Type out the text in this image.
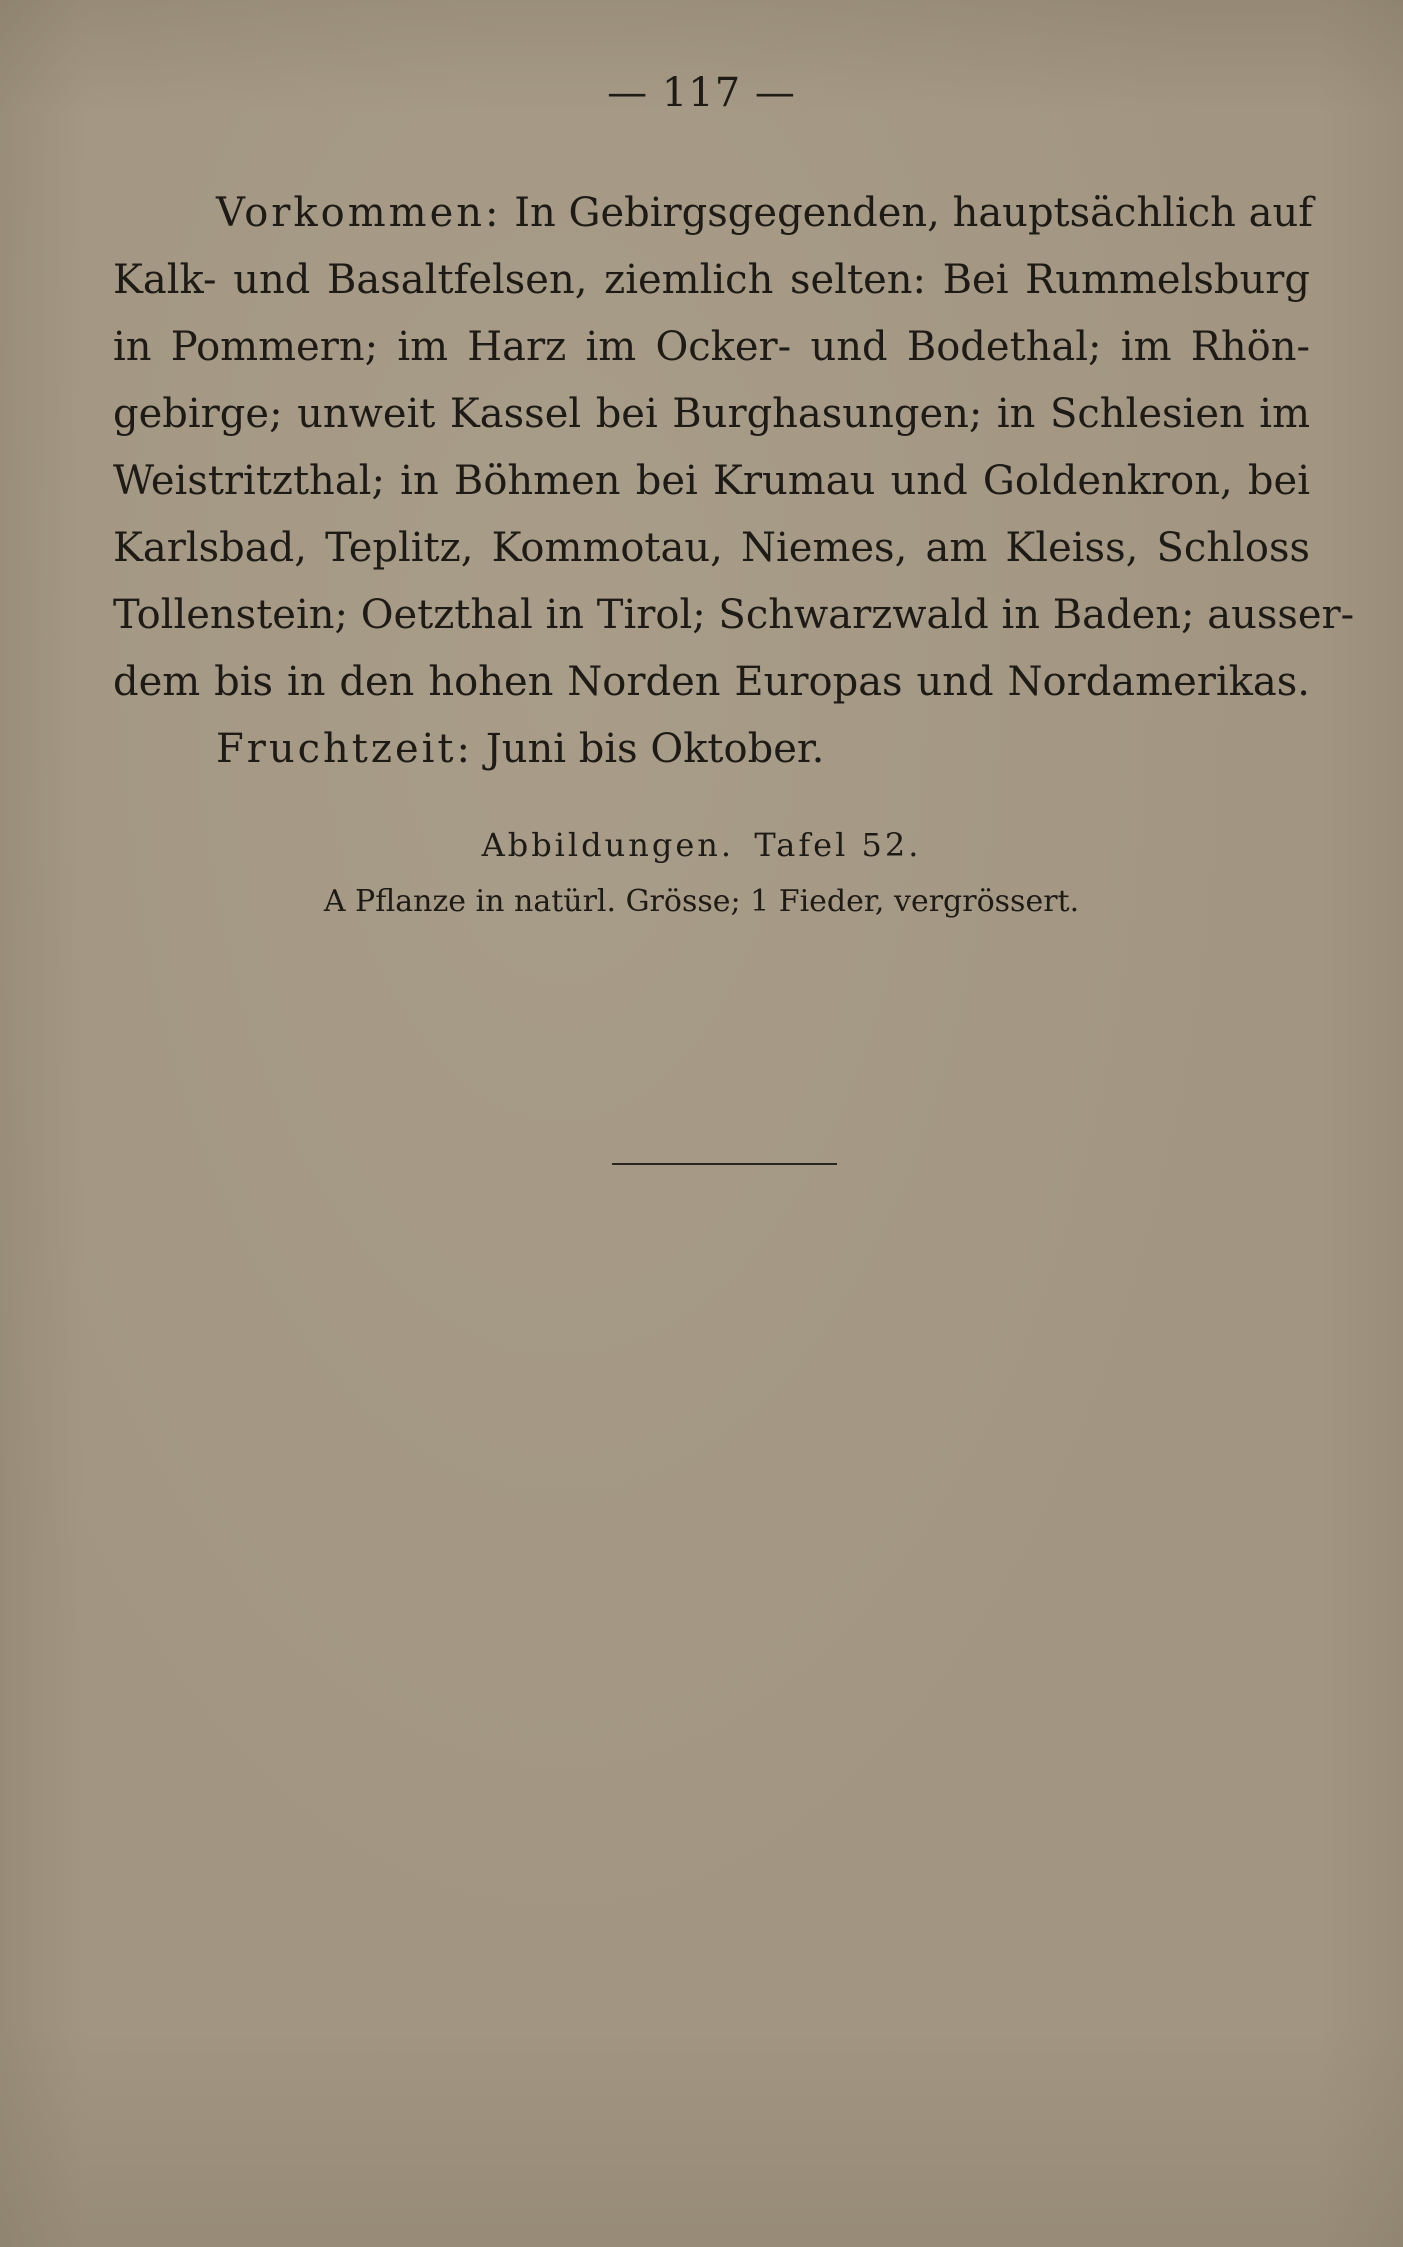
— 117 —
Vorkommen: In Gebirgsgegenden, hauptsächlich auf
Kalk- und Basaltfelsen, ziemlich selten: Bei Rummelsburg
in Pommern; im Harz im Ocker- und Bodethal; im Rhön-
gebirge; unweit Kassel bei Burghasungen; in Schlesien im
Weistritzthal; in Böhmen bei Krumau und Goldenkron, bei
Karlsbad, Teplitz, Kommotau, Niemes, am Kleiss, Schloss
Tollenstein; Oetzthal in Tirol; Schwarzwald in Baden; ausser-
dem bis in den hohen Norden Europas und Nordamerikas.
Fruchtzeit: Juni bis Oktober.
Abbildungen. Tafel 52.
A Pflanze in natürl. Grösse; 1 Fieder, vergrössert.
